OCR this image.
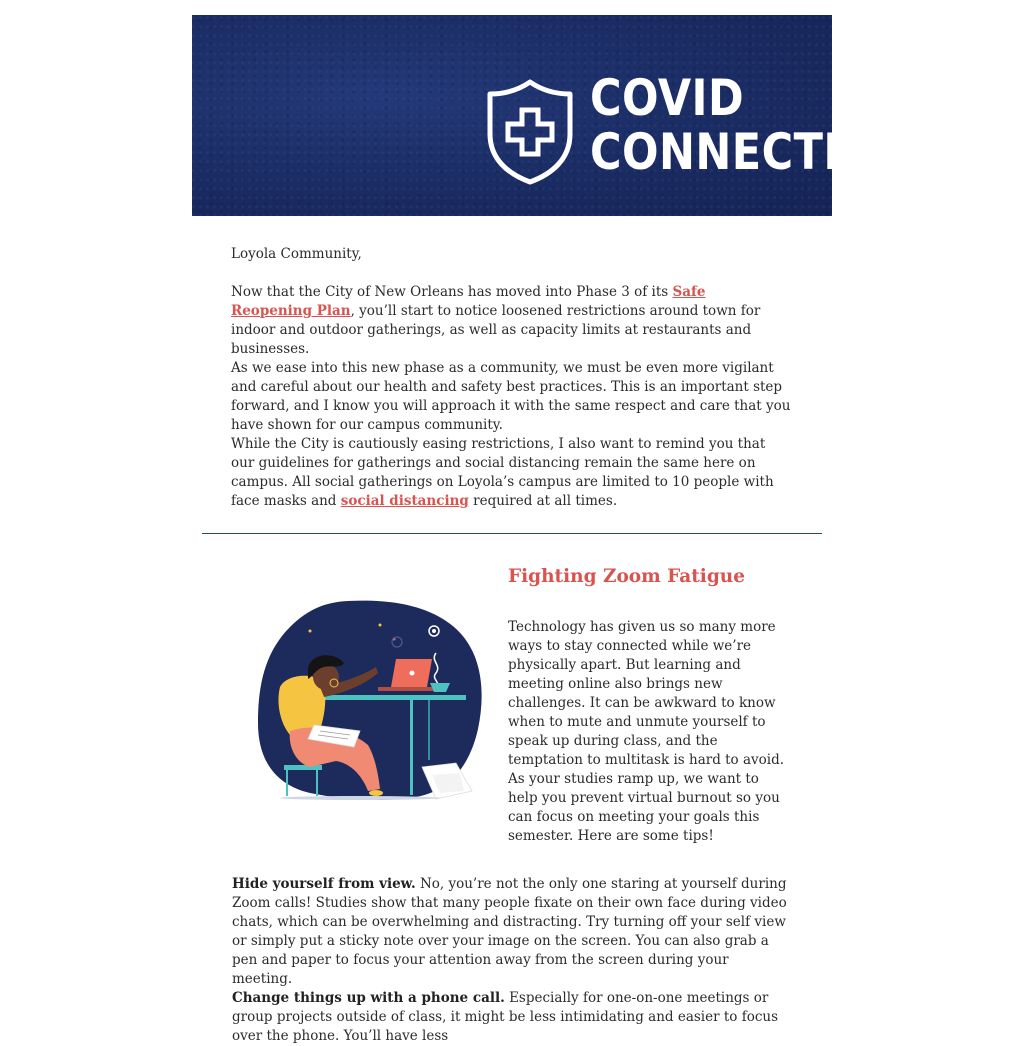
COVID
CONNECTIONS

Loyola Community,

Now that the City of New Orleans has moved into Phase 3 of its Safe Reopening Plan, you’ll start to notice loosened restrictions around town for indoor and outdoor gatherings, as well as capacity limits at restaurants and businesses.

As we ease into this new phase as a community, we must be even more vigilant and careful about our health and safety best practices. This is an important step forward, and I know you will approach it with the same respect and care that you have shown for our campus community.

While the City is cautiously easing restrictions, I also want to remind you that our guidelines for gatherings and social distancing remain the same here on campus. All social gatherings on Loyola’s campus are limited to 10 people with face masks and social distancing required at all times.

Fighting Zoom Fatigue

Technology has given us so many more ways to stay connected while we’re physically apart. But learning and meeting online also brings new challenges. It can be awkward to know when to mute and unmute yourself to speak up during class, and the temptation to multitask is hard to avoid.

As your studies ramp up, we want to help you prevent virtual burnout so you can focus on meeting your goals this semester. Here are some tips!

Hide yourself from view. No, you’re not the only one staring at yourself during Zoom calls! Studies show that many people fixate on their own face during video chats, which can be overwhelming and distracting. Try turning off your self view or simply put a sticky note over your image on the screen. You can also grab a pen and paper to focus your attention away from the screen during your meeting.

Change things up with a phone call. Especially for one-on-one meetings or group projects outside of class, it might be less intimidating and easier to focus over the phone. You’ll have less
